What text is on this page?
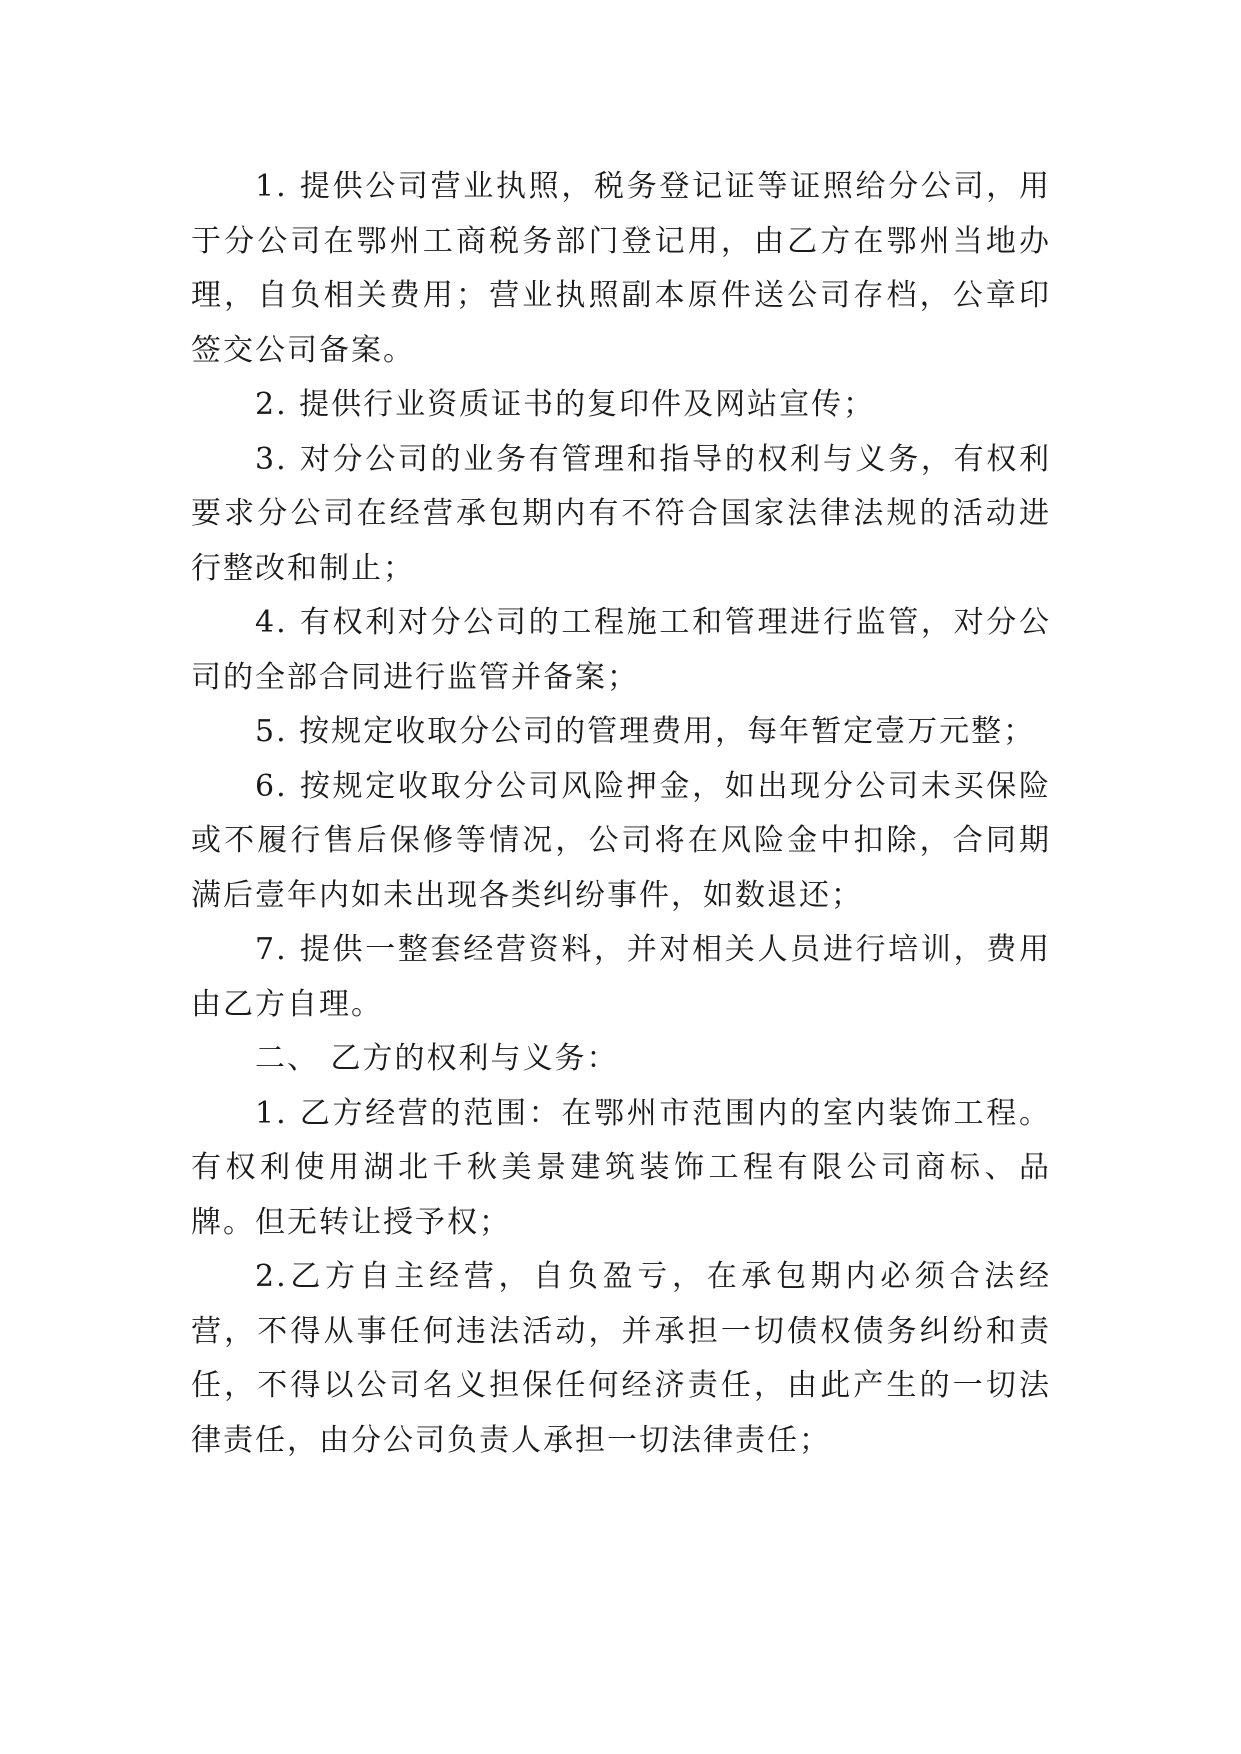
1. 提供公司营业执照，税务登记证等证照给分公司，用于分公司在鄂州工商税务部门登记用，由乙方在鄂州当地办理，自负相关费用；营业执照副本原件送公司存档，公章印签交公司备案。

2. 提供行业资质证书的复印件及网站宣传；

3. 对分公司的业务有管理和指导的权利与义务，有权利要求分公司在经营承包期内有不符合国家法律法规的活动进行整改和制止；

4. 有权利对分公司的工程施工和管理进行监管，对分公司的全部合同进行监管并备案；

5. 按规定收取分公司的管理费用，每年暂定壹万元整；

6. 按规定收取分公司风险押金，如出现分公司未买保险或不履行售后保修等情况，公司将在风险金中扣除，合同期满后壹年内如未出现各类纠纷事件，如数退还；

7. 提供一整套经营资料，并对相关人员进行培训，费用由乙方自理。

二、 乙方的权利与义务：

1. 乙方经营的范围：在鄂州市范围内的室内装饰工程。有权利使用湖北千秋美景建筑装饰工程有限公司商标、品牌。但无转让授予权；

2.乙方自主经营，自负盈亏，在承包期内必须合法经营，不得从事任何违法活动，并承担一切债权债务纠纷和责任，不得以公司名义担保任何经济责任，由此产生的一切法律责任，由分公司负责人承担一切法律责任；
